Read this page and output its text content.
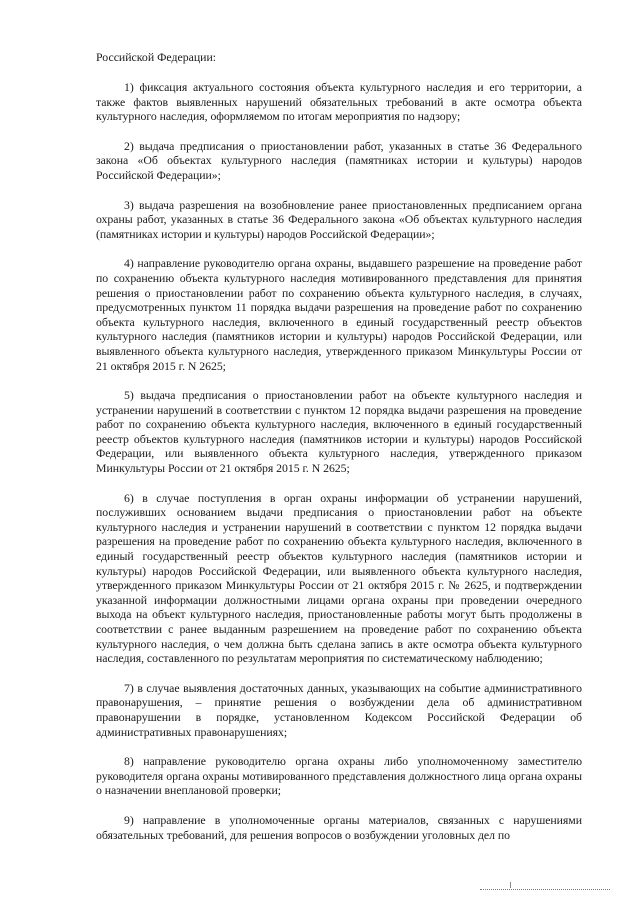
Российской Федерации:

1) фиксация актуального состояния объекта культурного наследия и его территории, а также фактов выявленных нарушений обязательных требований в акте осмотра объекта культурного наследия, оформляемом по итогам мероприятия по надзору;

2) выдача предписания о приостановлении работ, указанных в статье 36 Федерального закона «Об объектах культурного наследия (памятниках истории и культуры) народов Российской Федерации»;

3) выдача разрешения на возобновление ранее приостановленных предписанием органа охраны работ, указанных в статье 36 Федерального закона «Об объектах культурного наследия (памятниках истории и культуры) народов Российской Федерации»;

4) направление руководителю органа охраны, выдавшего разрешение на проведение работ по сохранению объекта культурного наследия мотивированного представления для принятия решения о приостановлении работ по сохранению объекта культурного наследия, в случаях, предусмотренных пунктом 11 порядка выдачи разрешения на проведение работ по сохранению объекта культурного наследия, включенного в единый государственный реестр объектов культурного наследия (памятников истории и культуры) народов Российской Федерации, или выявленного объекта культурного наследия, утвержденного приказом Минкультуры России от 21 октября 2015 г. N 2625;

5) выдача предписания о приостановлении работ на объекте культурного наследия и устранении нарушений в соответствии с пунктом 12 порядка выдачи разрешения на проведение работ по сохранению объекта культурного наследия, включенного в единый государственный реестр объектов культурного наследия (памятников истории и культуры) народов Российской Федерации, или выявленного объекта культурного наследия, утвержденного приказом Минкультуры России от 21 октября 2015 г. N 2625;

6) в случае поступления в орган охраны информации об устранении нарушений, послуживших основанием выдачи предписания о приостановлении работ на объекте культурного наследия и устранении нарушений в соответствии с пунктом 12 порядка выдачи разрешения на проведение работ по сохранению объекта культурного наследия, включенного в единый государственный реестр объектов культурного наследия (памятников истории и культуры) народов Российской Федерации, или выявленного объекта культурного наследия, утвержденного приказом Минкультуры России от 21 октября 2015 г. № 2625, и подтверждении указанной информации должностными лицами органа охраны при проведении очередного выхода на объект культурного наследия, приостановленные работы могут быть продолжены в соответствии с ранее выданным разрешением на проведение работ по сохранению объекта культурного наследия, о чем должна быть сделана запись в акте осмотра объекта культурного наследия, составленного по результатам мероприятия по систематическому наблюдению;

7) в случае выявления достаточных данных, указывающих на событие административного правонарушения, – принятие решения о возбуждении дела об административном правонарушении в порядке, установленном Кодексом Российской Федерации об административных правонарушениях;

8) направление руководителю органа охраны либо уполномоченному заместителю руководителя органа охраны мотивированного представления должностного лица органа охраны о назначении внеплановой проверки;

9) направление в уполномоченные органы материалов, связанных с нарушениями обязательных требований, для решения вопросов о возбуждении уголовных дел по
